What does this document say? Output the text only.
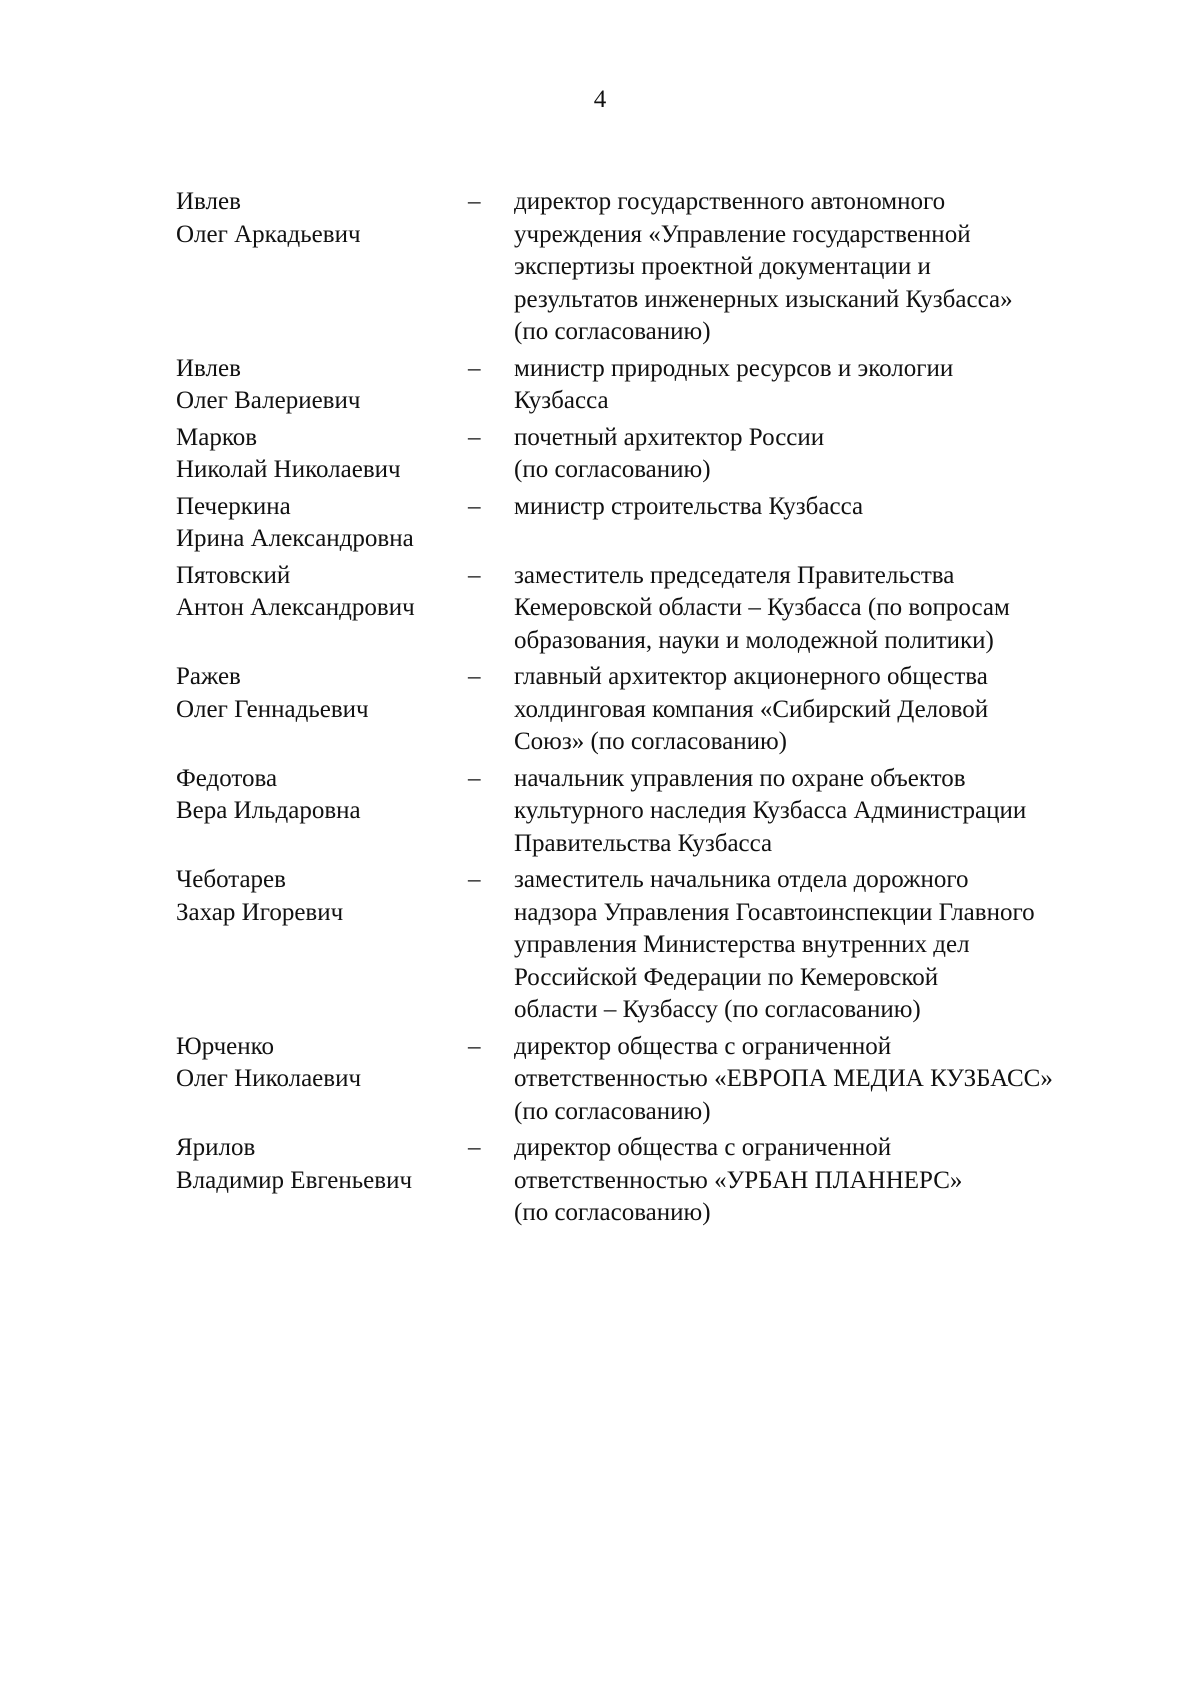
4
Ивлев
Олег Аркадьевич
–	директор государственного автономного
учреждения «Управление государственной
экспертизы проектной документации и
результатов инженерных изысканий Кузбасса»
(по согласованию)
Ивлев
Олег Валериевич
–	министр природных ресурсов и экологии
Кузбасса
Марков
Николай Николаевич
–	почетный архитектор России
(по согласованию)
Печеркина
Ирина Александровна
–	министр строительства Кузбасса
Пятовский
Антон Александрович
–	заместитель председателя Правительства
Кемеровской области – Кузбасса (по вопросам
образования, науки и молодежной политики)
Ражев
Олег Геннадьевич
–	главный архитектор акционерного общества
холдинговая компания «Сибирский Деловой
Союз» (по согласованию)
Федотова
Вера Ильдаровна
–	начальник управления по охране объектов
культурного наследия Кузбасса Администрации
Правительства Кузбасса
Чеботарев
Захар Игоревич
–	заместитель начальника отдела дорожного
надзора Управления Госавтоинспекции Главного
управления Министерства внутренних дел
Российской Федерации по Кемеровской
области – Кузбассу (по согласованию)
Юрченко
Олег Николаевич
–	директор общества с ограниченной
ответственностью «ЕВРОПА МЕДИА КУЗБАСС»
(по согласованию)
Ярилов
Владимир Евгеньевич
–	директор общества с ограниченной
ответственностью «УРБАН ПЛАННЕРС»
(по согласованию)
